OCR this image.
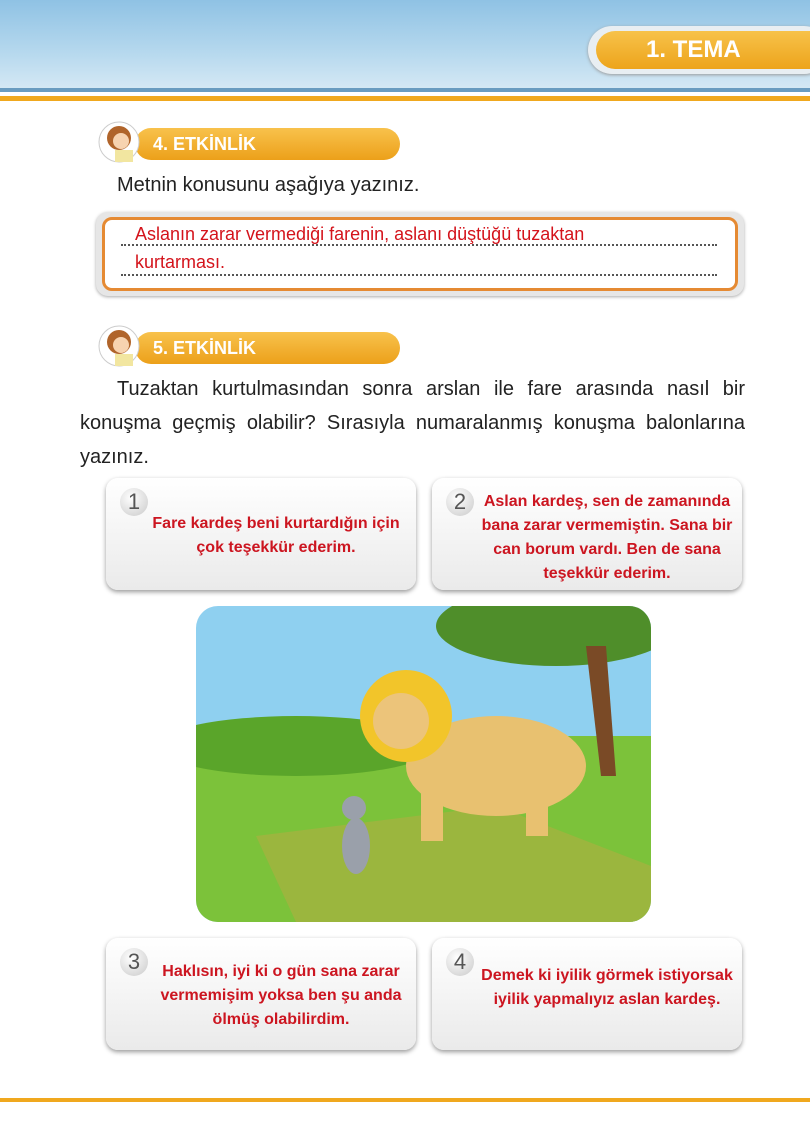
1. TEMA
4. ETKİNLİK
Metnin konusunu aşağıya yazınız.
Aslanın zarar vermediği farenin, aslanı düştüğü tuzaktan
kurtarması.
5. ETKİNLİK
Tuzaktan kurtulmasından sonra arslan ile fare arasında nasıl bir konuşma geçmiş olabilir? Sırasıyla numaralanmış konuşma balonlarına yazınız.
1
Fare kardeş beni kurtardığın için çok teşekkür ederim.
2	Aslan kardeş, sen de zamanında bana zarar vermemiştin. Sana bir can borum vardı. Ben de sana teşekkür ederim.
3	Haklısın, iyi ki o gün sana zarar vermemişim yoksa ben şu anda ölmüş olabilirdim.
4
Demek ki iyilik görmek istiyorsak iyilik yapmalıyız aslan kardeş.
